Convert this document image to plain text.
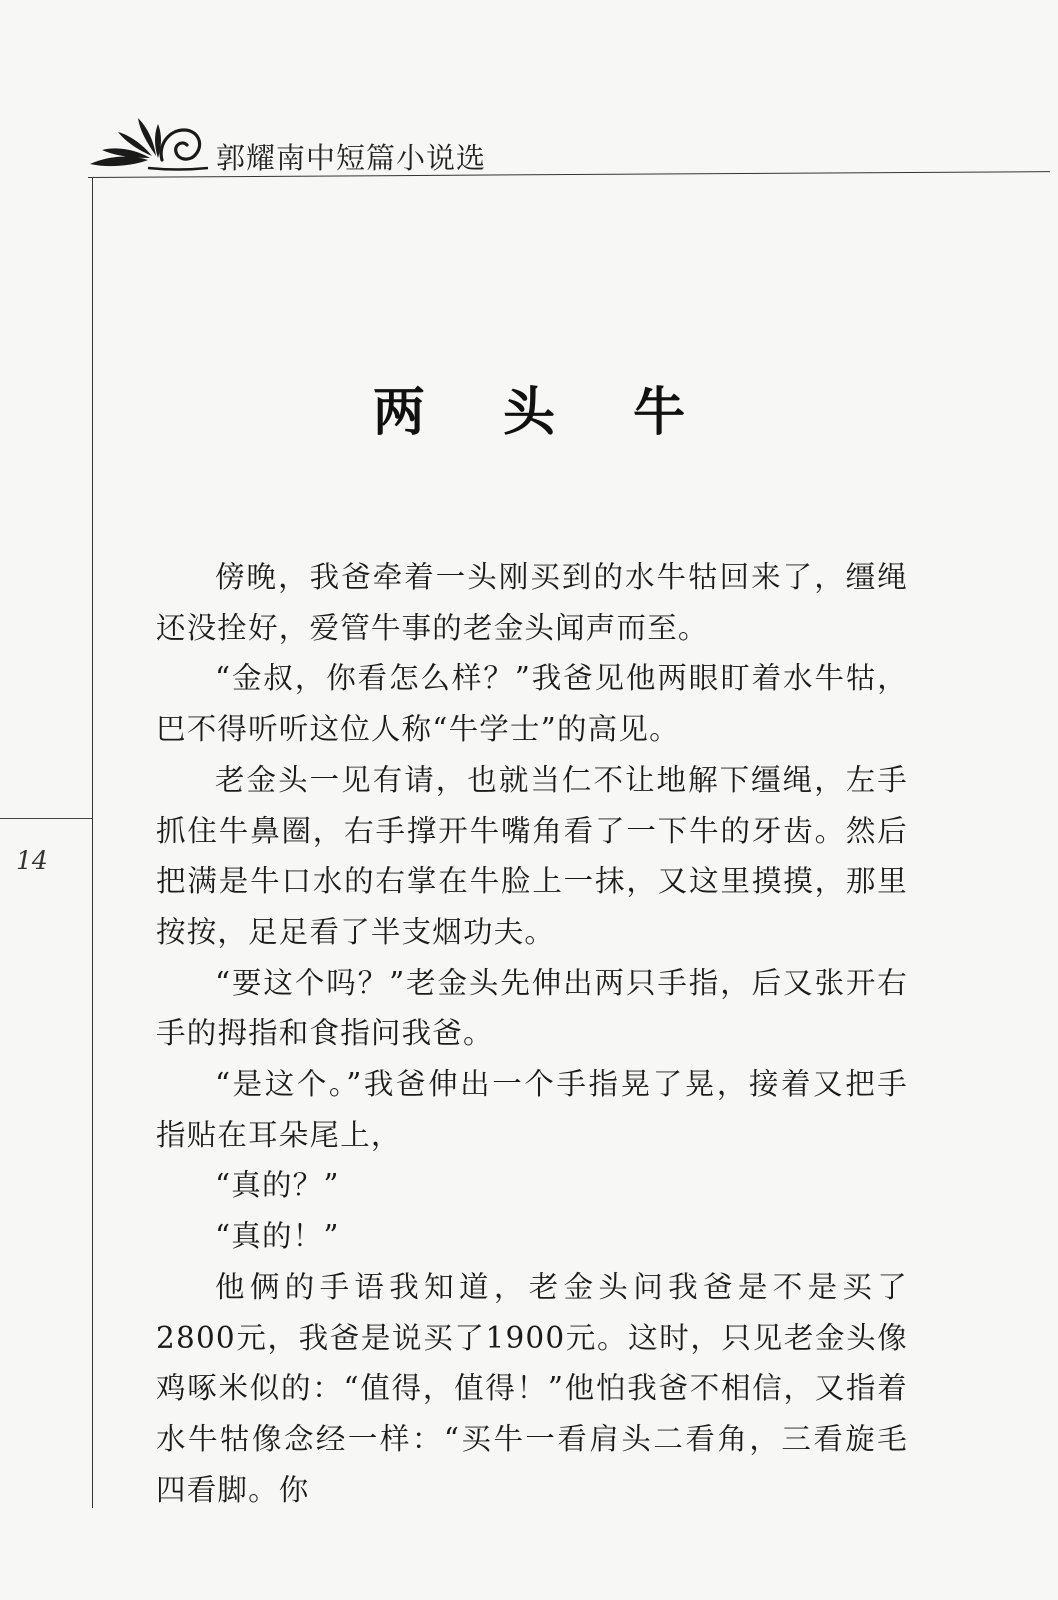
郭耀南中短篇小说选
14
两 头 牛

傍晚，我爸牵着一头刚买到的水牛牯回来了，缰绳还没拴好，爱管牛事的老金头闻声而至。

“金叔，你看怎么样？”我爸见他两眼盯着水牛牯，巴不得听听这位人称“牛学士”的高见。

老金头一见有请，也就当仁不让地解下缰绳，左手抓住牛鼻圈，右手撑开牛嘴角看了一下牛的牙齿。然后把满是牛口水的右掌在牛脸上一抹，又这里摸摸，那里按按，足足看了半支烟功夫。

“要这个吗？”老金头先伸出两只手指，后又张开右手的拇指和食指问我爸。

“是这个。”我爸伸出一个手指晃了晃，接着又把手指贴在耳朵尾上，

“真的？”

“真的！”

他俩的手语我知道，老金头问我爸是不是买了2800元，我爸是说买了1900元。这时，只见老金头像鸡啄米似的：“值得，值得！”他怕我爸不相信，又指着水牛牯像念经一样：“买牛一看肩头二看角，三看旋毛四看脚。你
